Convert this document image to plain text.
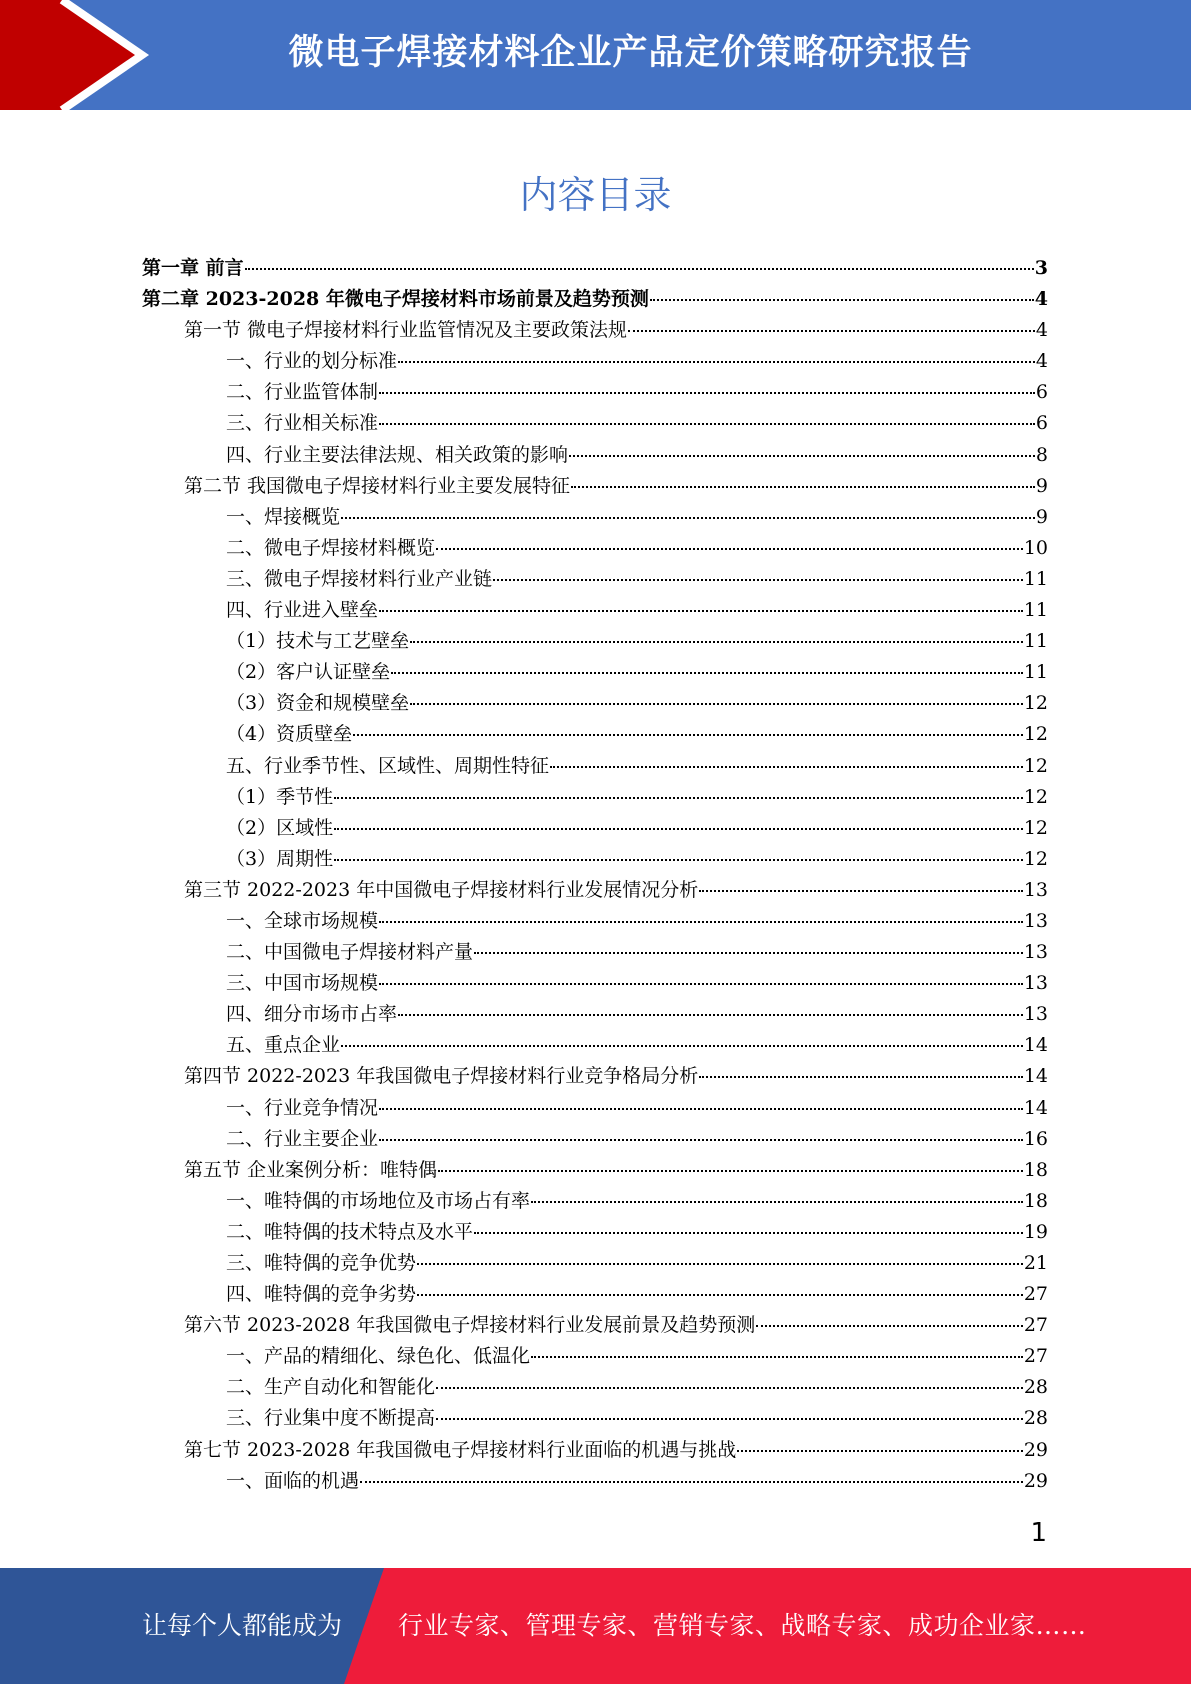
微电子焊接材料企业产品定价策略研究报告
内容目录
第一章 前言	3
第二章 2023-2028 年微电子焊接材料市场前景及趋势预测	4
第一节 微电子焊接材料行业监管情况及主要政策法规	4
一、行业的划分标准	4
二、行业监管体制	6
三、行业相关标准	6
四、行业主要法律法规、相关政策的影响	8
第二节 我国微电子焊接材料行业主要发展特征	9
一、焊接概览	9
二、微电子焊接材料概览	10
三、微电子焊接材料行业产业链	11
四、行业进入壁垒	11
（1）技术与工艺壁垒	11
（2）客户认证壁垒	11
（3）资金和规模壁垒	12
（4）资质壁垒	12
五、行业季节性、区域性、周期性特征	12
（1）季节性	12
（2）区域性	12
（3）周期性	12
第三节 2022-2023 年中国微电子焊接材料行业发展情况分析	13
一、全球市场规模	13
二、中国微电子焊接材料产量	13
三、中国市场规模	13
四、细分市场市占率	13
五、重点企业	14
第四节 2022-2023 年我国微电子焊接材料行业竞争格局分析	14
一、行业竞争情况	14
二、行业主要企业	16
第五节 企业案例分析：唯特偶	18
一、唯特偶的市场地位及市场占有率	18
二、唯特偶的技术特点及水平	19
三、唯特偶的竞争优势	21
四、唯特偶的竞争劣势	27
第六节 2023-2028 年我国微电子焊接材料行业发展前景及趋势预测	27
一、产品的精细化、绿色化、低温化	27
二、生产自动化和智能化	28
三、行业集中度不断提高	28
第七节 2023-2028 年我国微电子焊接材料行业面临的机遇与挑战	29
一、面临的机遇	29
1
让每个人都能成为 行业专家、管理专家、营销专家、战略专家、成功企业家……
